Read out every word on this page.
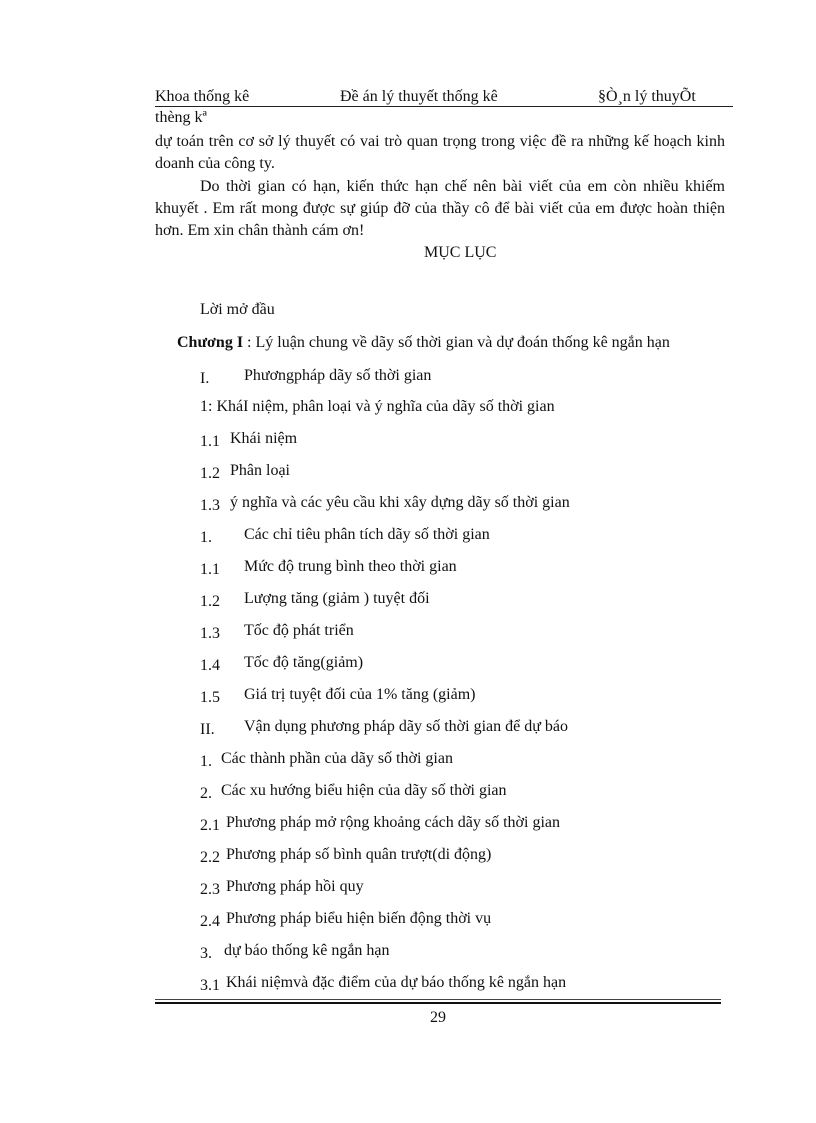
Khoa thống kê	Đề án lý thuyết thống kê	§Ò¸n lý thuyÕt
thèng kª
dự toán trên cơ sở lý thuyết có vai trò quan trọng trong việc đề ra những kế hoạch kinh doanh của công ty.
Do thời gian có hạn, kiến thức hạn chế nên bài viết của em còn nhiều khiếm khuyết . Em rất mong được sự giúp đỡ của thầy cô để bài viết của em được hoàn thiện hơn. Em xin chân thành cám ơn!
MỤC LỤC
Lời mở đầu
Chương I : Lý luận chung về dãy số thời gian và dự đoán thống kê ngắn hạn
I. Phươngpháp dãy số thời gian
1: KháI niệm, phân loại và ý nghĩa của dãy số thời gian
1.1 Khái niệm
1.2 Phân loại
1.3 ý nghĩa và các yêu cầu khi xây dựng dãy số thời gian
1. Các chỉ tiêu phân tích dãy số thời gian
1.1 Mức độ trung bình theo thời gian
1.2 Lượng tăng (giảm ) tuyệt đối
1.3 Tốc độ phát triển
1.4 Tốc độ tăng(giảm)
1.5 Giá trị tuyệt đối của 1% tăng (giảm)
II. Vận dụng phương pháp dãy số thời gian để dự báo
1. Các thành phần của dãy số thời gian
2. Các xu hướng biểu hiện của dãy số thời gian
2.1 Phương pháp mở rộng khoảng cách dãy số thời gian
2.2 Phương pháp số bình quân trượt(di động)
2.3 Phương pháp hồi quy
2.4 Phương pháp biểu hiện biến động thời vụ
3. dự báo thống kê ngắn hạn
3.1 Khái niệmvà đặc điểm của dự báo thống kê ngắn hạn
29
